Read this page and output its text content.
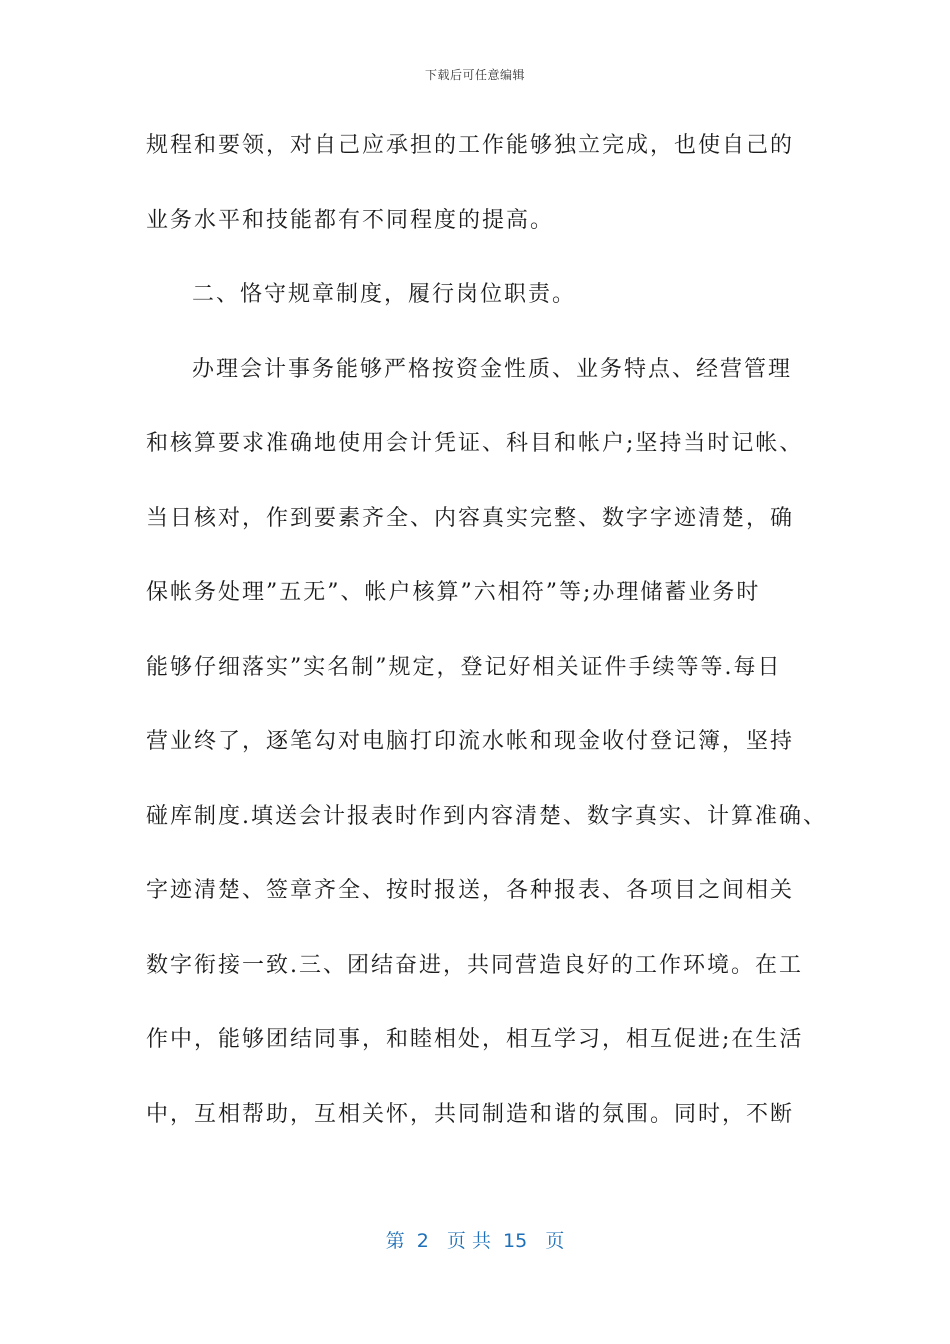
下载后可任意编辑
规程和要领，对自己应承担的工作能够独立完成，也使自己的
业务水平和技能都有不同程度的提高。
二、恪守规章制度，履行岗位职责。
办理会计事务能够严格按资金性质、业务特点、经营管理
和核算要求准确地使用会计凭证、科目和帐户;坚持当时记帐、
当日核对，作到要素齐全、内容真实完整、数字字迹清楚，确
保帐务处理”五无”、帐户核算”六相符”等;办理储蓄业务时
能够仔细落实”实名制”规定，登记好相关证件手续等等.每日
营业终了，逐笔勾对电脑打印流水帐和现金收付登记簿，坚持
碰库制度.填送会计报表时作到内容清楚、数字真实、计算准确、
字迹清楚、签章齐全、按时报送，各种报表、各项目之间相关
数字衔接一致.三、团结奋进，共同营造良好的工作环境。在工
作中，能够团结同事，和睦相处，相互学习，相互促进;在生活
中，互相帮助，互相关怀，共同制造和谐的氛围。同时，不断
第  2   页 共  15   页
